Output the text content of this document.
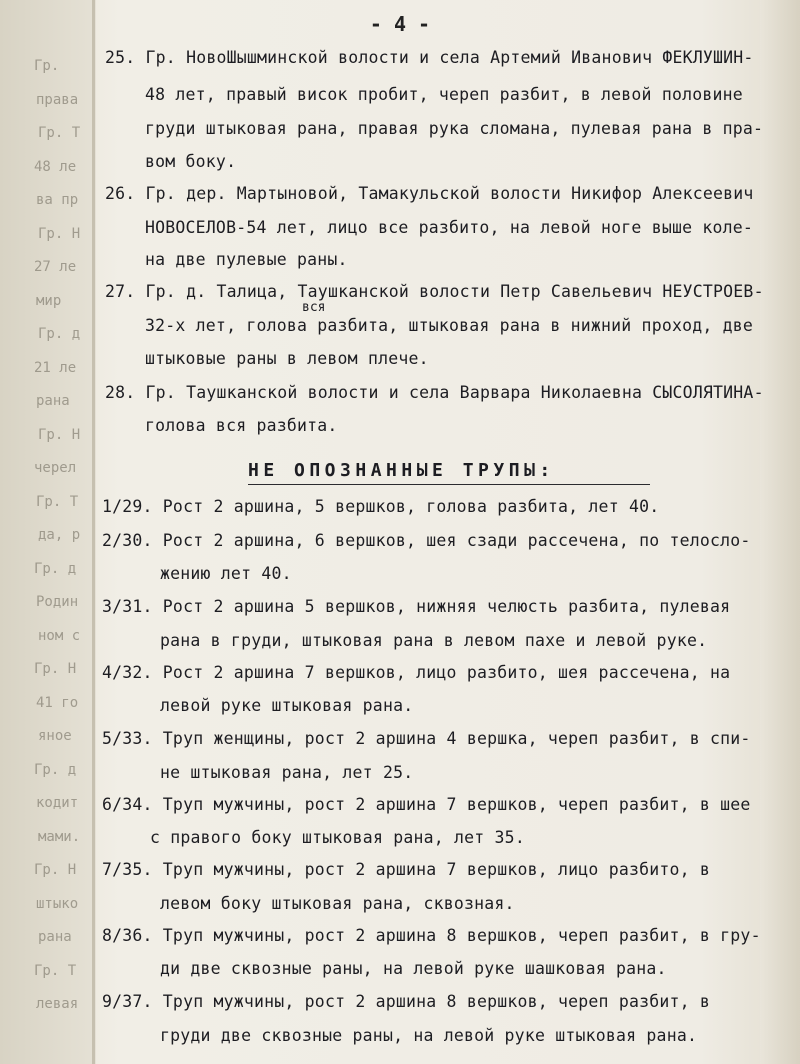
Гр.
права
Гр. Т
48 ле
ва пр
Гр. Н
27 ле
мир
Гр. д
21 ле
рана
Гр. Н
черел
Гр. Т
да, р
Гр. д
Родин
ном с
Гр. Н
41 го
яное
Гр. д
кодит
мами.
Гр. Н
штыко
рана
Гр. Т
левая
- 4 -
25. Гр. НовоШышминской волости и села Артемий Иванович ФЕКЛУШИН-
48 лет, правый висок пробит, череп разбит, в левой половине
груди штыковая рана, правая рука сломана, пулевая рана в пра-
вом боку.
26. Гр. дер. Мартыновой, Тамакульской волости Никифор Алексеевич
НОВОСЕЛОВ-54 лет, лицо все разбито, на левой ноге выше коле-
на две пулевые раны.
27. Гр. д. Талица, Таушканской волости Петр Савельевич НЕУСТРОЕВ-
вся
32-х лет, голова разбита, штыковая рана в нижний проход, две
штыковые раны в левом плече.
28. Гр. Таушканской волости и села Варвара Николаевна СЫСОЛЯТИНА-
голова вся разбита.
НЕ ОПОЗНАННЫЕ ТРУПЫ:
1/29. Рост 2 аршина, 5 вершков, голова разбита, лет 40.
2/30. Рост 2 аршина, 6 вершков, шея сзади рассечена, по телосло-
жению лет 40.
3/31. Рост 2 аршина 5 вершков, нижняя челюсть разбита, пулевая
рана в груди, штыковая рана в левом пахе и левой руке.
4/32. Рост 2 аршина 7 вершков, лицо разбито, шея рассечена, на
левой руке штыковая рана.
5/33. Труп женщины, рост 2 аршина 4 вершка, череп разбит, в спи-
не штыковая рана, лет 25.
6/34. Труп мужчины, рост 2 аршина 7 вершков, череп разбит, в шее
с правого боку штыковая рана, лет 35.
7/35. Труп мужчины, рост 2 аршина 7 вершков, лицо разбито, в
левом боку штыковая рана, сквозная.
8/36. Труп мужчины, рост 2 аршина 8 вершков, череп разбит, в гру-
ди две сквозные раны, на левой руке шашковая рана.
9/37. Труп мужчины, рост 2 аршина 8 вершков, череп разбит, в
груди две сквозные раны, на левой руке штыковая рана.
